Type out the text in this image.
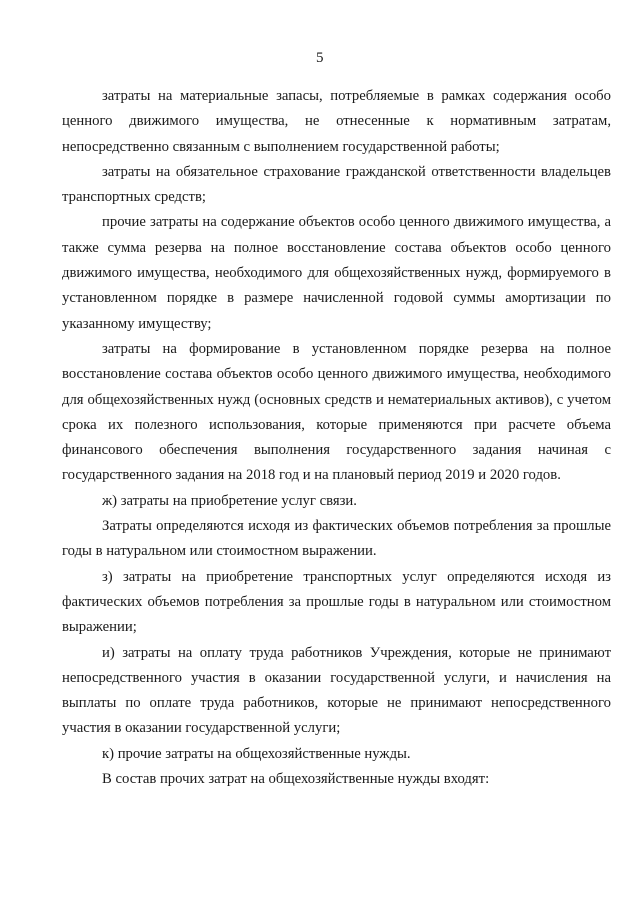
5

затраты на материальные запасы, потребляемые в рамках содержания особо ценного движимого имущества, не отнесенные к нормативным затратам, непосредственно связанным с выполнением государственной работы;

затраты на обязательное страхование гражданской ответственности владельцев транспортных средств;

прочие затраты на содержание объектов особо ценного движимого имущества, а также сумма резерва на полное восстановление состава объектов особо ценного движимого имущества, необходимого для общехозяйственных нужд, формируемого в установленном порядке в размере начисленной годовой суммы амортизации по указанному имуществу;

затраты на формирование в установленном порядке резерва на полное восстановление состава объектов особо ценного движимого имущества, необходимого для общехозяйственных нужд (основных средств и нематериальных активов), с учетом срока их полезного использования, которые применяются при расчете объема финансового обеспечения выполнения государственного задания начиная с государственного задания на 2018 год и на плановый период 2019 и 2020 годов.

ж) затраты на приобретение услуг связи.

Затраты определяются исходя из фактических объемов потребления за прошлые годы в натуральном или стоимостном выражении.

з) затраты на приобретение транспортных услуг определяются исходя из фактических объемов потребления за прошлые годы в натуральном или стоимостном выражении;

и) затраты на оплату труда работников Учреждения, которые не принимают непосредственного участия в оказании государственной услуги, и начисления на выплаты по оплате труда работников, которые не принимают непосредственного участия в оказании государственной услуги;

к) прочие затраты на общехозяйственные нужды.

В состав прочих затрат на общехозяйственные нужды входят:
